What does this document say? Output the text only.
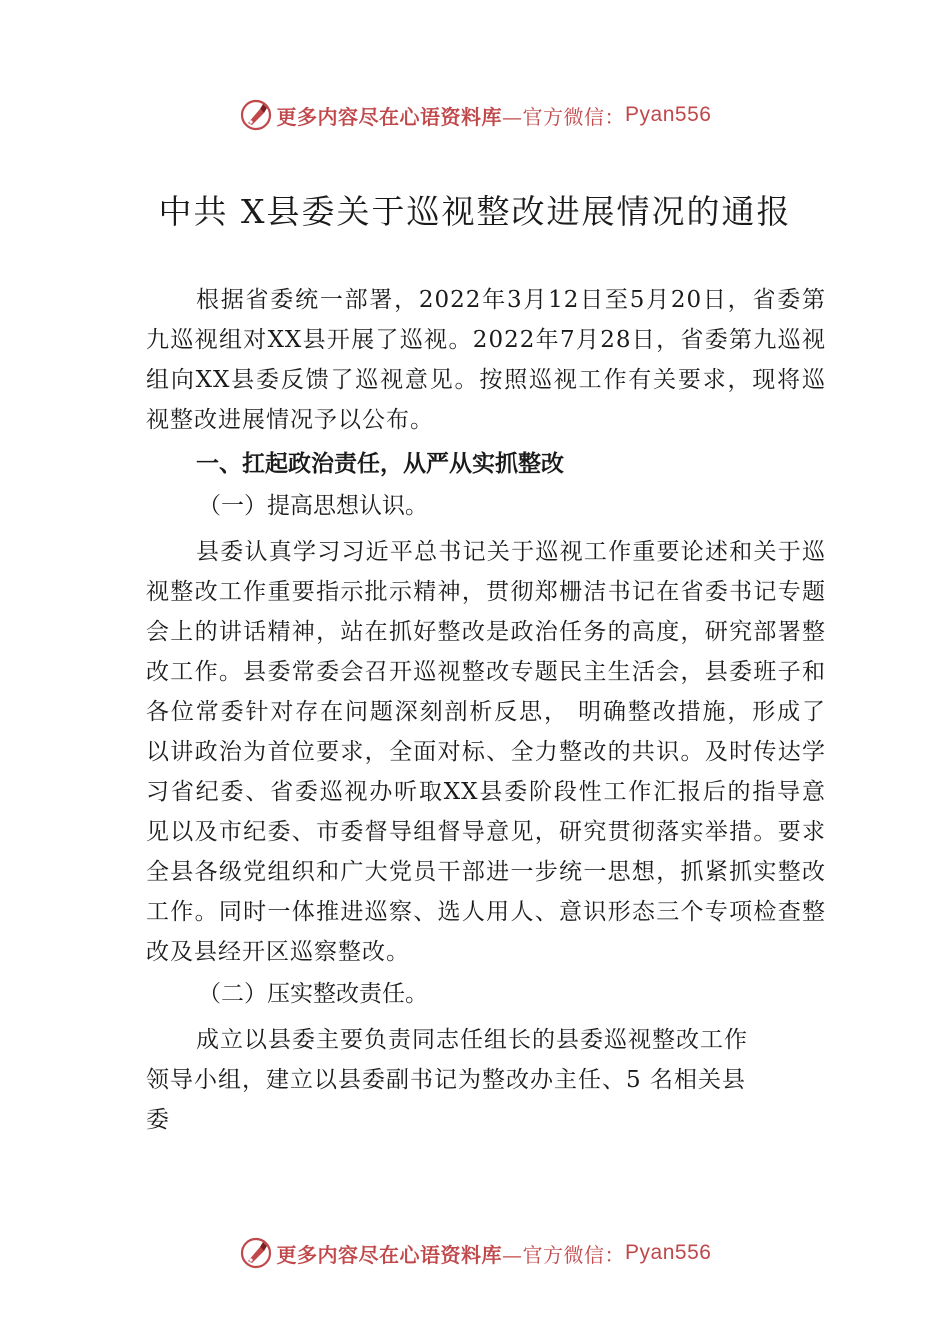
更多内容尽在心语资料库 —官方微信： Pyan556
中共 X县委关于巡视整改进展情况的通报

根据省委统一部署，2022年3月12日至5月20日，省委第九巡视组对XX县开展了巡视。2022年7月28日，省委第九巡视组向XX县委反馈了巡视意见。按照巡视工作有关要求，现将巡视整改进展情况予以公布。

一、扛起政治责任，从严从实抓整改

（一）提高思想认识。

县委认真学习习近平总书记关于巡视工作重要论述和关于巡视整改工作重要指示批示精神，贯彻郑栅洁书记在省委书记专题会上的讲话精神，站在抓好整改是政治任务的高度，研究部署整改工作。县委常委会召开巡视整改专题民主生活会，县委班子和各位常委针对存在问题深刻剖析反思， 明确整改措施，形成了以讲政治为首位要求，全面对标、全力整改的共识。及时传达学习省纪委、省委巡视办听取XX县委阶段性工作汇报后的指导意见以及市纪委、市委督导组督导意见，研究贯彻落实举措。要求全县各级党组织和广大党员干部进一步统一思想，抓紧抓实整改工作。同时一体推进巡察、选人用人、意识形态三个专项检查整改及县经开区巡察整改。

（二）压实整改责任。

成立以县委主要负责同志任组长的县委巡视整改工作

领导小组，建立以县委副书记为整改办主任、5 名相关县

委

更多内容尽在心语资料库 —官方微信： Pyan556
